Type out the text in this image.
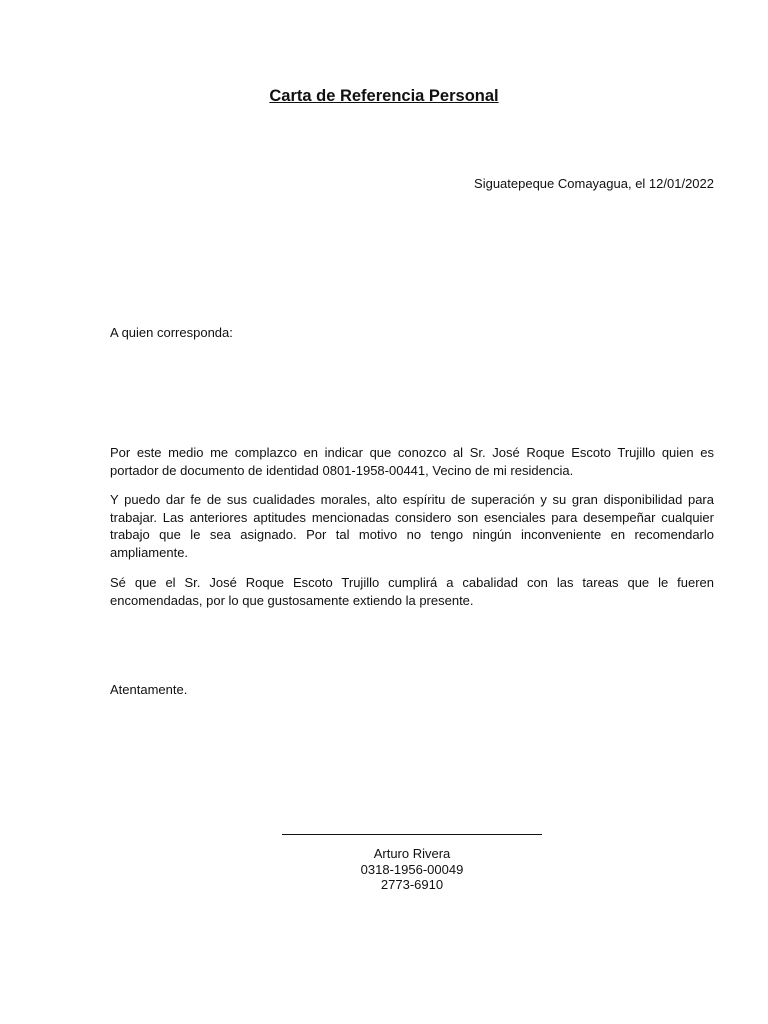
Carta de Referencia Personal
Siguatepeque Comayagua, el 12/01/2022
A quien corresponda:

Por este medio me complazco en indicar que conozco al Sr. José Roque Escoto Trujillo quien es portador de documento de identidad 0801-1958-00441, Vecino de mi residencia.

Y puedo dar fe de sus cualidades morales, alto espíritu de superación y su gran disponibilidad para trabajar. Las anteriores aptitudes mencionadas considero son esenciales para desempeñar cualquier trabajo que le sea asignado. Por tal motivo no tengo ningún inconveniente en recomendarlo ampliamente.

Sé que el Sr. José Roque Escoto Trujillo cumplirá a cabalidad con las tareas que le fueren encomendadas, por lo que gustosamente extiendo la presente.

Atentamente.
Arturo Rivera
0318-1956-00049
2773-6910
